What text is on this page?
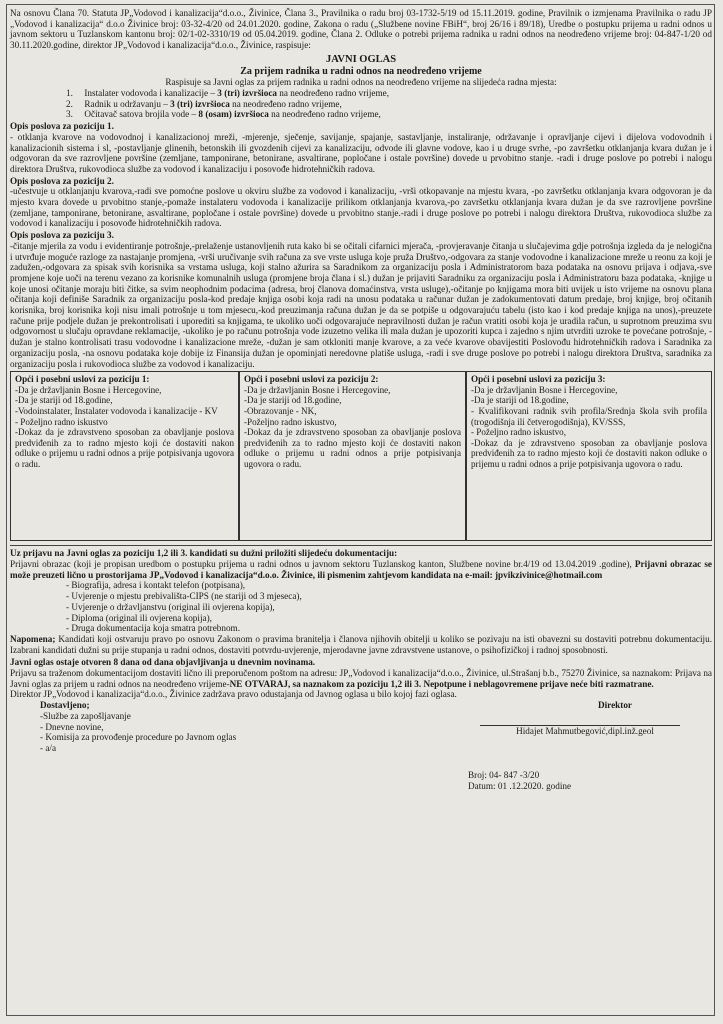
Na osnovu Člana 70. Statuta JP„Vodovod i kanalizacija“d.o.o., Živinice, Člana 3., Pravilnika o radu broj 03-1732-5/19 od 15.11.2019. godine, Pravilnik o izmjenama Pravilnika o radu JP „Vodovod i kanalizacija“ d.o.o Živinice broj: 03-32-4/20 od 24.01.2020. godine, Zakona o radu („Službene novine FBiH“, broj 26/16 i 89/18), Uredbe o postupku prijema u radni odnos u javnom sektoru u Tuzlanskom kantonu broj: 02/1-02-3310/19 od 05.04.2019. godine, Člana 2. Odluke o potrebi prijema radnika u radni odnos na neodređeno vrijeme broj: 04-847-1/20 od 30.11.2020.godine, direktor JP„Vodovod i kanalizacija“d.o.o., Živinice, raspisuje:

JAVNI OGLAS
Za prijem radnika u radni odnos na neodređeno vrijeme

Raspisuje sa Javni oglas za prijem radnika u radni odnos na neodređeno vrijeme na slijedeća radna mjesta:

1. Instalater vodovoda i kanalizacije – 3 (tri) izvršioca na neodređeno radno vrijeme,
2. Radnik u održavanju – 3 (tri) izvršioca na neodređeno radno vrijeme,
3. Očitavač satova brojila vode – 8 (osam) izvršioca na neodređeno radno vrijeme,
Opis poslova za poziciju 1.

- otklanja kvarove na vodovodnoj i kanalizacionoj mreži, -mjerenje, sječenje, savijanje, spajanje, sastavljanje, instaliranje, održavanje i opravljanje cijevi i dijelova vodovodnih i kanalizacionih sistema i sl, -postavljanje glinenih, betonskih ili gvozdenih cijevi za kanalizaciju, odvode ili glavne vodove, kao i u druge svrhe, -po završetku otklanjanja kvara dužan je i odgovoran da sve razrovljene površine (zemljane, tamponirane, betonirane, asvaltirane, popločane i ostale površine) dovede u prvobitno stanje. -radi i druge poslove po potrebi i nalogu direktora Društva, rukovodioca službe za vodovod i kanalizaciju i posovođe hidrotehničkih radova.

Opis poslova za poziciju 2.

-učestvuje u otklanjanju kvarova,-radi sve pomoćne poslove u okviru službe za vodovod i kanalizaciju, -vrši otkopavanje na mjestu kvara, -po završetku otklanjanja kvara odgovoran je da mjesto kvara dovede u prvobitno stanje,-pomaže instalateru vodovoda i kanalizacije prilikom otklanjanja kvarova,-po završetku otklanjanja kvara dužan je da sve razrovljene površine (zemljane, tamponirane, betonirane, asvaltirane, popločane i ostale površine) dovede u prvobitno stanje.-radi i druge poslove po potrebi i nalogu direktora Društva, rukovodioca službe za vodovod i kanalizaciju i posovođe hidrotehničkih radova.

Opis poslova za poziciju 3.

-čitanje mjerila za vodu i evidentiranje potrošnje,-prelaženje ustanovljenih ruta kako bi se očitali cifarnici mjerača, -provjeravanje čitanja u slučajevima gdje potrošnja izgleda da je nelogična i utvrđuje moguće razloge za nastajanje promjena, -vrši uručivanje svih računa za sve vrste usluga koje pruža Društvo,-odgovara za stanje vodovodne i kanalizacione mreže u reonu za koji je zadužen,-odgovara za spisak svih korisnika sa vrstama usluga, koji stalno ažurira sa Saradnikom za organizaciju posla i Administratorom baza podataka na osnovu prijava i odjava,-sve promjene koje uoči na terenu vezano za korisnike komunalnih usluga (promjene broja člana i sl.) dužan je prijaviti Saradniku za organizaciju posla i Administratoru baza podataka, -knjige u koje unosi očitanje moraju biti čitke, sa svim neophodnim podacima (adresa, broj članova domaćinstva, vrsta usluge),-očitanje po knjigama mora biti uvijek u isto vrijeme na osnovu plana očitanja koji definiše Saradnik za organizaciju posla-kod predaje knjiga osobi koja radi na unosu podataka u računar dužan je zadokumentovati datum predaje, broj knjige, broj očitanih korisnika, broj korisnika koji nisu imali potrošnje u tom mjesecu,-kod preuzimanja računa dužan je da se potpiše u odgovarajuću tabelu (isto kao i kod predaje knjiga na unos),-preuzete račune prije podjele dužan je prekontrolisati i uporediti sa knjigama, te ukoliko uoči odgovarajuće nepravilnosti dužan je račun vratiti osobi koja je uradila račun, u suprotnom preuzima svu odgovornost u slučaju opravdane reklamacije, -ukoliko je po računu potrošnja vode izuzetno velika ili mala dužan je upozoriti kupca i zajedno s njim utvrditi uzroke te povećane potrošnje, -dužan je stalno kontrolisati trasu vodovodne i kanalizacione mreže, -dužan je sam otkloniti manje kvarove, a za veće kvarove obavijestiti Poslovođu hidrotehničkih radova i Saradnika za organizaciju posla, -na osnovu podataka koje dobije iz Finansija dužan je opominjati neredovne platiše usluga, -radi i sve druge poslove po potrebi i nalogu direktora Društva, saradnika za organizaciju posla i rukovodioca službe za vodovod i kanalizaciju.

Opći i posebni uslovi za poziciju 1:

-Da je državljanin Bosne i Hercegovine,

-Da je stariji od 18.godine,

-Vodoinstalater, Instalater vodovoda i kanalizacije - KV

- Poželjno radno iskustvo

-Dokaz da je zdravstveno sposoban za obavljanje poslova predviđenih za to radno mjesto koji će dostaviti nakon odluke o prijemu u radni odnos a prije potpisivanja ugovora o radu.

Opći i posebni uslovi za poziciju 2:

-Da je državljanin Bosne i Hercegovine,

-Da je stariji od 18.godine,

-Obrazovanje - NK,

-Poželjno radno iskustvo,

-Dokaz da je zdravstveno sposoban za obavljanje poslova predviđenih za to radno mjesto koji će dostaviti nakon odluke o prijemu u radni odnos a prije potpisivanja ugovora o radu.

Opći i posebni uslovi za poziciju 3:

-Da je državljanin Bosne i Hercegovine,

-Da je stariji od 18.godine,

- Kvalifikovani radnik svih profila/Srednja škola svih profila (trogodišnja ili četverogodišnja), KV/SSS,

- Poželjno radno iskustvo,

-Dokaz da je zdravstveno sposoban za obavljanje poslova predviđenih za to radno mjesto koji će dostaviti nakon odluke o prijemu u radni odnos a prije potpisivanja ugovora o radu.

Uz prijavu na Javni oglas za poziciju 1,2 ili 3. kandidati su dužni priložiti slijedeću dokumentaciju:

Prijavni obrazac (koji je propisan uredbom o postupku prijema u radni odnos u javnom sektoru Tuzlanskog kanton, Službene novine br.4/19 od 13.04.2019 .godine), Prijavni obrazac se može preuzeti lično u prostorijama JP„Vodovod i kanalizacija“d.o.o. Živinice, ili pismenim zahtjevom kandidata na e-mail: jpvikzivinice@hotmail.com

- Biografija, adresa i kontakt telefon (potpisana),
- Uvjerenje o mjestu prebivališta-CIPS (ne stariji od 3 mjeseca),
- Uvjerenje o državljanstvu (original ili ovjerena kopija),
- Diploma (original ili ovjerena kopija),
- Druga dokumentacija koja smatra potrebnom.

Napomena; Kandidati koji ostvaruju pravo po osnovu Zakonom o pravima branitelja i članova njihovih obitelji u koliko se pozivaju na isti obavezni su dostaviti potrebnu dokumentaciju. Izabrani kandidati dužni su prije stupanja u radni odnos, dostaviti potvrdu-uvjerenje, mjerodavne javne zdravstvene ustanove, o psihofizičkoj i radnoj sposobnosti.

Javni oglas ostaje otvoren 8 dana od dana objavljivanja u dnevnim novinama.

Prijavu sa traženom dokumentacijom dostaviti lično ili preporučenom poštom na adresu: JP„Vodovod i kanalizacija“d.o.o., Živinice, ul.Strašanj b.b., 75270 Živinice, sa naznakom: Prijava na Javni oglas za prijem u radni odnos na neodređeno vrijeme-NE OTVARAJ, sa naznakom za poziciju 1,2 ili 3. Nepotpune i neblagovremene prijave neće biti razmatrane.

Direktor JP„Vodovod i kanalizacija“d.o.o., Živinice zadržava pravo odustajanja od Javnog oglasa u bilo kojoj fazi oglasa.

Dostavljeno;
-Službe za zapošljavanje
- Dnevne novine,
- Komisija za provođenje procedure po Javnom oglas
- a/a
Direktor
Hidajet Mahmutbegović,dipl.inž.geol
Broj: 04- 847 -3/20
Datum: 01 .12.2020. godine
